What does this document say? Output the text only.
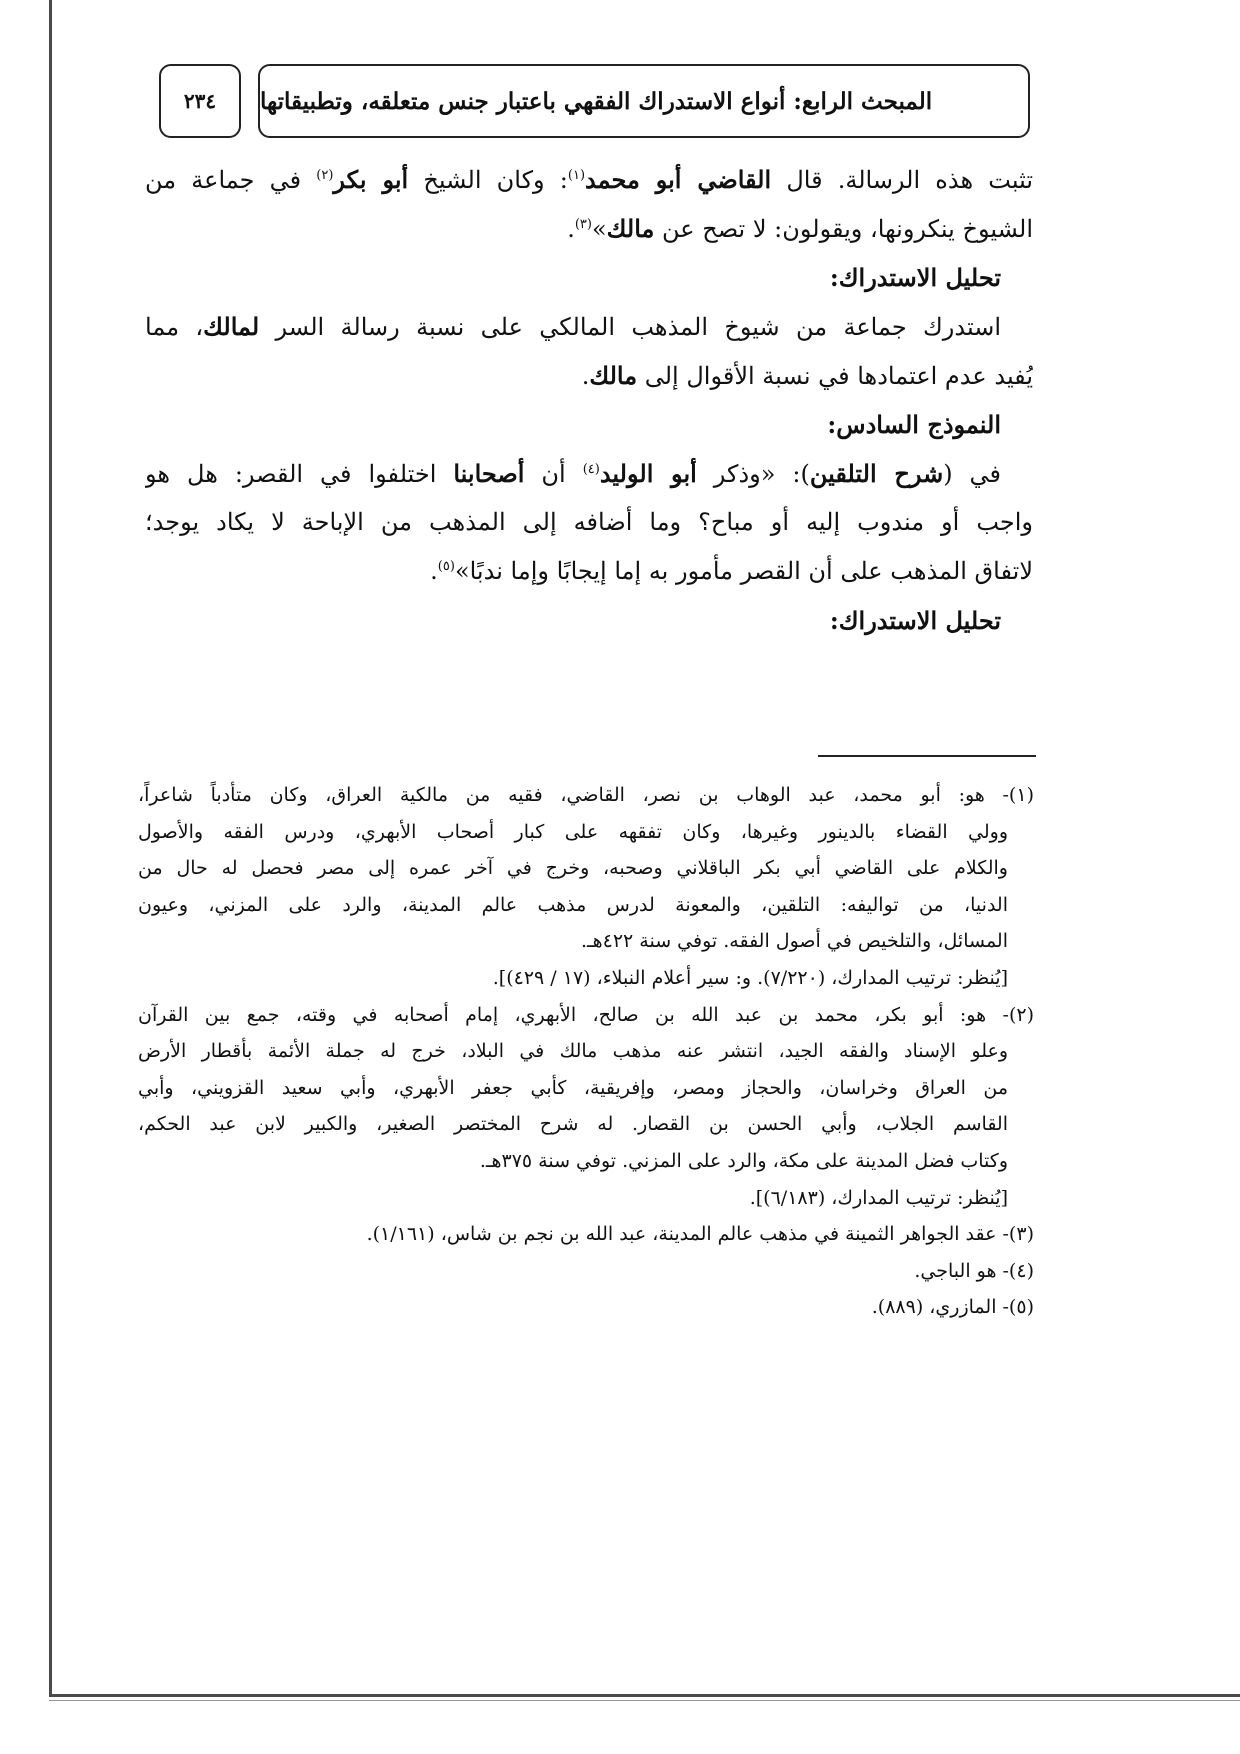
المبحث الرابع: أنواع الاستدراك الفقهي باعتبار جنس متعلقه، وتطبيقاتها
٢٣٤
تثبت هذه الرسالة. قال القاضي أبو محمد$^{(١)}$: وكان الشيخ أبو بكر$^{(٢)}$ في جماعة من
الشيوخ ينكرونها، ويقولون: لا تصح عن مالك»$^{(٣)}$.
تحليل الاستدراك:
استدرك جماعة من شيوخ المذهب المالكي على نسبة رسالة السر لمالك، مما
يُفيد عدم اعتمادها في نسبة الأقوال إلى مالك.
النموذج السادس:
في (شرح التلقين): «وذكر أبو الوليد$^{(٤)}$ أن أصحابنا اختلفوا في القصر: هل هو
واجب أو مندوب إليه أو مباح؟ وما أضافه إلى المذهب من الإباحة لا يكاد يوجد؛
لاتفاق المذهب على أن القصر مأمور به إما إيجابًا وإما ندبًا»$^{(٥)}$.
تحليل الاستدراك:
(١)- هو: أبو محمد، عبد الوهاب بن نصر، القاضي، فقيه من مالكية العراق، وكان متأدباً شاعراً،
وولي القضاء بالدينور وغيرها، وكان تفقهه على كبار أصحاب الأبهري، ودرس الفقه والأصول
والكلام على القاضي أبي بكر الباقلاني وصحبه، وخرج في آخر عمره إلى مصر فحصل له حال من
الدنيا، من تواليفه: التلقين، والمعونة لدرس مذهب عالم المدينة، والرد على المزني، وعيون
المسائل، والتلخيص في أصول الفقه. توفي سنة ٤٢٢هـ.
[يُنظر: ترتيب المدارك، (٧/٢٢٠). و: سير أعلام النبلاء، (١٧ / ٤٢٩)].
(٢)- هو: أبو بكر، محمد بن عبد الله بن صالح، الأبهري، إمام أصحابه في وقته، جمع بين القرآن
وعلو الإسناد والفقه الجيد، انتشر عنه مذهب مالك في البلاد، خرج له جملة الأئمة بأقطار الأرض
من العراق وخراسان، والحجاز ومصر، وإفريقية، كأبي جعفر الأبهري، وأبي سعيد القزويني، وأبي
القاسم الجلاب، وأبي الحسن بن القصار. له شرح المختصر الصغير، والكبير لابن عبد الحكم،
وكتاب فضل المدينة على مكة، والرد على المزني. توفي سنة ٣٧٥هـ.
[يُنظر: ترتيب المدارك، (٦/١٨٣)].
(٣)- عقد الجواهر الثمينة في مذهب عالم المدينة، عبد الله بن نجم بن شاس، (١/١٦١).
(٤)- هو الباجي.
(٥)- المازري، (٨٨٩).
